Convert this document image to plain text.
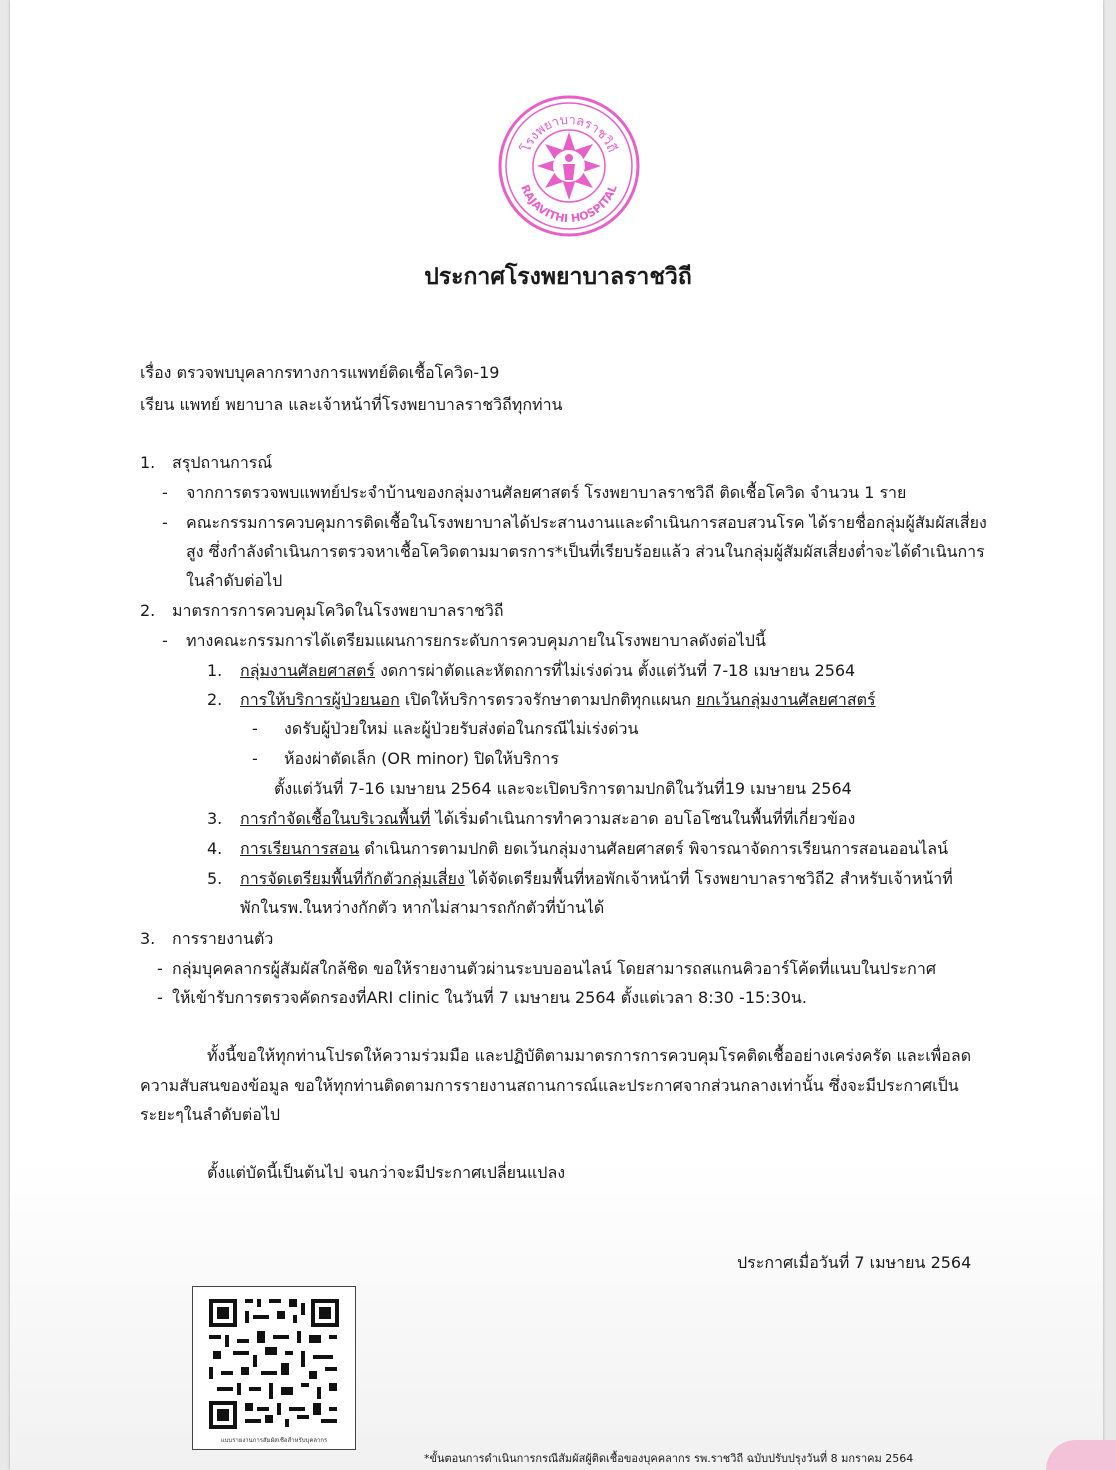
โรงพยาบาลราชวิถี
RAJAVITHI HOSPITAL
ประกาศโรงพยาบาลราชวิถี
เรื่อง ตรวจพบบุคลากรทางการแพทย์ติดเชื้อโควิด-19
เรียน แพทย์ พยาบาล และเจ้าหน้าที่โรงพยาบาลราชวิถีทุกท่าน
1. สรุปถานการณ์
- จากการตรวจพบแพทย์ประจำบ้านของกลุ่มงานศัลยศาสตร์ โรงพยาบาลราชวิถี ติดเชื้อโควิด จำนวน 1 ราย
- คณะกรรมการควบคุมการติดเชื้อในโรงพยาบาลได้ประสานงานและดำเนินการสอบสวนโรค ได้รายชื่อกลุ่มผู้สัมผัสเสี่ยง
สูง ซึ่งกำลังดำเนินการตรวจหาเชื้อโควิดตามมาตรการ*เป็นที่เรียบร้อยแล้ว ส่วนในกลุ่มผู้สัมผัสเสี่ยงต่ำจะได้ดำเนินการ
ในลำดับต่อไป
2. มาตรการการควบคุมโควิดในโรงพยาบาลราชวิถี
- ทางคณะกรรมการได้เตรียมแผนการยกระดับการควบคุมภายในโรงพยาบาลดังต่อไปนี้
1. กลุ่มงานศัลยศาสตร์ งดการผ่าตัดและหัตถการที่ไม่เร่งด่วน ตั้งแต่วันที่ 7-18 เมษายน 2564
2. การให้บริการผู้ป่วยนอก เปิดให้บริการตรวจรักษาตามปกติทุกแผนก ยกเว้นกลุ่มงานศัลยศาสตร์
- งดรับผู้ป่วยใหม่ และผู้ป่วยรับส่งต่อในกรณีไม่เร่งด่วน
- ห้องผ่าตัดเล็ก (OR minor) ปิดให้บริการ
ตั้งแต่วันที่ 7-16 เมษายน 2564 และจะเปิดบริการตามปกติในวันที่19 เมษายน 2564
3. การกำจัดเชื้อในบริเวณพื้นที่ ได้เริ่มดำเนินการทำความสะอาด อบโอโซนในพื้นที่ที่เกี่ยวข้อง
4. การเรียนการสอน ดำเนินการตามปกติ ยดเว้นกลุ่มงานศัลยศาสตร์ พิจารณาจัดการเรียนการสอนออนไลน์
5. การจัดเตรียมพื้นที่กักตัวกลุ่มเสี่ยง ได้จัดเตรียมพื้นที่หอพักเจ้าหน้าที่ โรงพยาบาลราชวิถี2 สำหรับเจ้าหน้าที่
พักในรพ.ในหว่างกักตัว หากไม่สามารถกักตัวที่บ้านได้
3. การรายงานตัว
- กลุ่มบุคคลากรผู้สัมผัสใกล้ชิด ขอให้รายงานตัวผ่านระบบออนไลน์ โดยสามารถสแกนคิวอาร์โค้ดที่แนบในประกาศ
- ให้เข้ารับการตรวจคัดกรองที่ARI clinic ในวันที่ 7 เมษายน 2564 ตั้งแต่เวลา 8:30 -15:30น.
ทั้งนี้ขอให้ทุกท่านโปรดให้ความร่วมมือ และปฏิบัติตามมาตรการการควบคุมโรคติดเชื้ออย่างเคร่งครัด และเพื่อลด
ความสับสนของข้อมูล ขอให้ทุกท่านติดตามการรายงานสถานการณ์และประกาศจากส่วนกลางเท่านั้น ซึ่งจะมีประกาศเป็น
ระยะๆในลำดับต่อไป
ตั้งแต่บัดนี้เป็นต้นไป จนกว่าจะมีประกาศเปลี่ยนแปลง
ประกาศเมื่อวันที่ 7 เมษายน 2564
แบบรายงานการสัมผัสเชื้อสำหรับบุคลากร
*ขั้นตอนการดำเนินการกรณีสัมผัสผู้ติดเชื้อของบุคคลากร รพ.ราชวิถี ฉบับปรับปรุงวันที่ 8 มกราคม 2564
